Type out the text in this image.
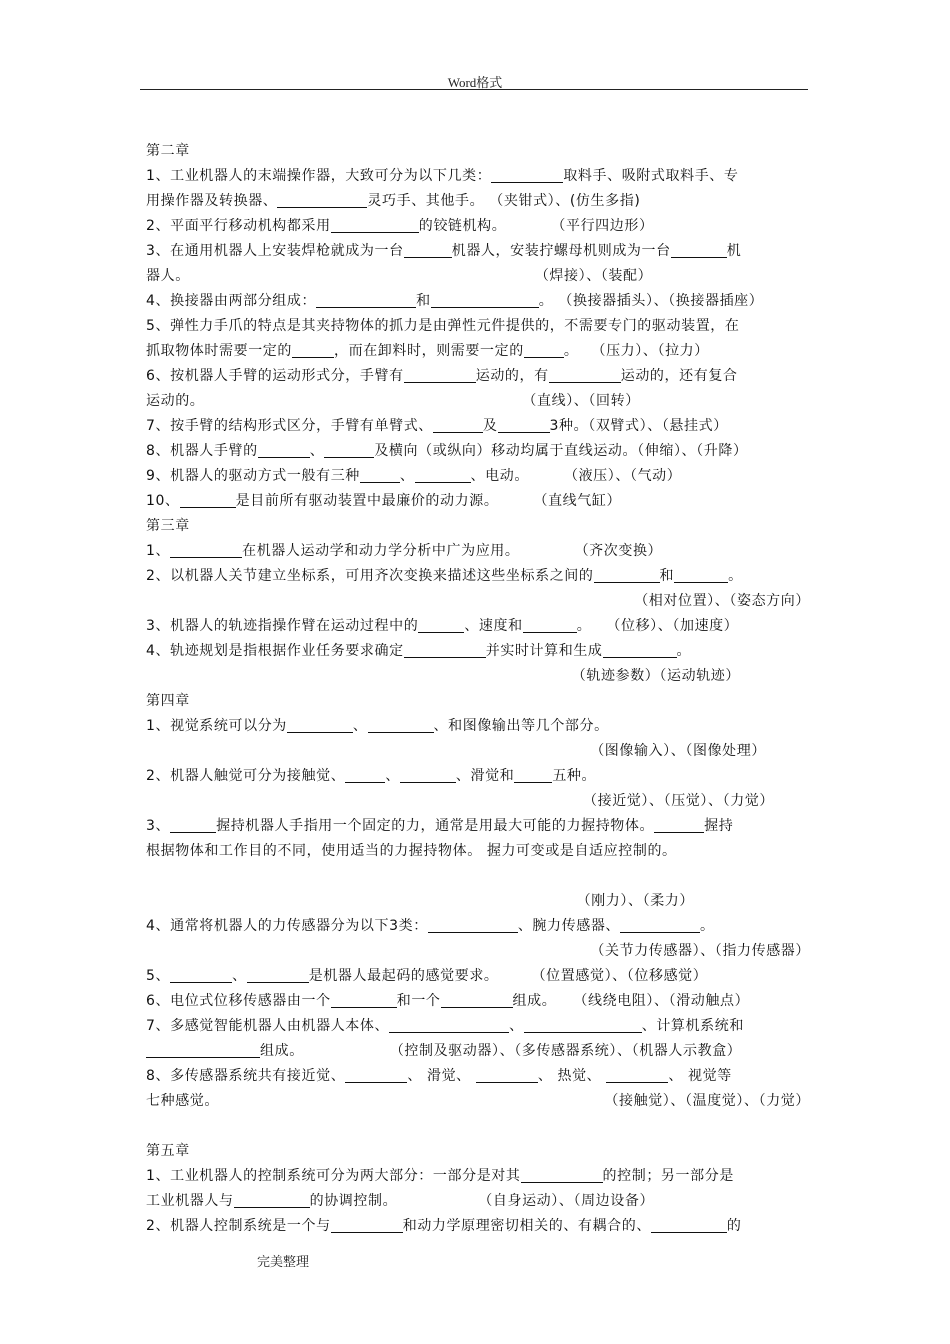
Word格式
第二章
1、工业机器人的末端操作器，大致可分为以下几类：	取料手、吸附式取料手、专
用操作器及转换器、	灵巧手、其他手。 （夹钳式）、(仿生多指)
2、平面平行移动机构都采用	的铰链机构。	（平行四边形）
3、在通用机器人上安装焊枪就成为一台	机器人，安装拧螺母机则成为一台	机
器人。	（焊接）、（装配）
4、换接器由两部分组成：	和	。 （换接器插头）、（换接器插座）
5、弹性力手爪的特点是其夹持物体的抓力是由弹性元件提供的，不需要专门的驱动装置，在
抓取物体时需要一定的	，而在卸料时，则需要一定的	。 （压力）、（拉力）
6、按机器人手臂的运动形式分，手臂有	运动的，有	运动的，还有复合
运动的。	（直线）、（回转）
7、按手臂的结构形式区分，手臂有单臂式、	及	3种。（双臂式）、（悬挂式）
8、机器人手臂的	、	及横向（或纵向）移动均属于直线运动。（伸缩）、（升降）
9、机器人的驱动方式一般有三种	、	、电动。 （液压）、（气动）
10、	是目前所有驱动装置中最廉价的动力源。 （直线气缸）
第三章
1、	在机器人运动学和动力学分析中广为应用。	（齐次变换）
2、以机器人关节建立坐标系，可用齐次变换来描述这些坐标系之间的	和	。
（相对位置）、（姿态方向）
3、机器人的轨迹指操作臂在运动过程中的	、速度和	。 （位移）、（加速度）
4、轨迹规划是指根据作业任务要求确定	并实时计算和生成	。
（轨迹参数）（运动轨迹）
第四章
1、视觉系统可以分为	、	、和图像输出等几个部分。
（图像输入）、（图像处理）
2、机器人触觉可分为接触觉、	、	、滑觉和	五种。
（接近觉）、（压觉）、（力觉）
3、	握持机器人手指用一个固定的力，通常是用最大可能的力握持物体。	握持
根据物体和工作目的不同，使用适当的力握持物体。 握力可变或是自适应控制的。
（刚力）、（柔力）
4、通常将机器人的力传感器分为以下3类：	、腕力传感器、	。
（关节力传感器）、（指力传感器）
5、	、	是机器人最起码的感觉要求。 （位置感觉）、（位移感觉）
6、电位式位移传感器由一个	和一个	组成。 （线绕电阻）、（滑动触点）
7、多感觉智能机器人由机器人本体、	、	、计算机系统和
组成。	（控制及驱动器）、（多传感器系统）、（机器人示教盒）
8、多传感器系统共有接近觉、	、 滑觉、	、 热觉、	、 视觉等
七种感觉。	（接触觉）、（温度觉）、（力觉）
第五章
1、工业机器人的控制系统可分为两大部分：一部分是对其	的控制；另一部分是
工业机器人与	的协调控制。	（自身运动）、（周边设备）
2、机器人控制系统是一个与	和动力学原理密切相关的、有耦合的、	的
完美整理
